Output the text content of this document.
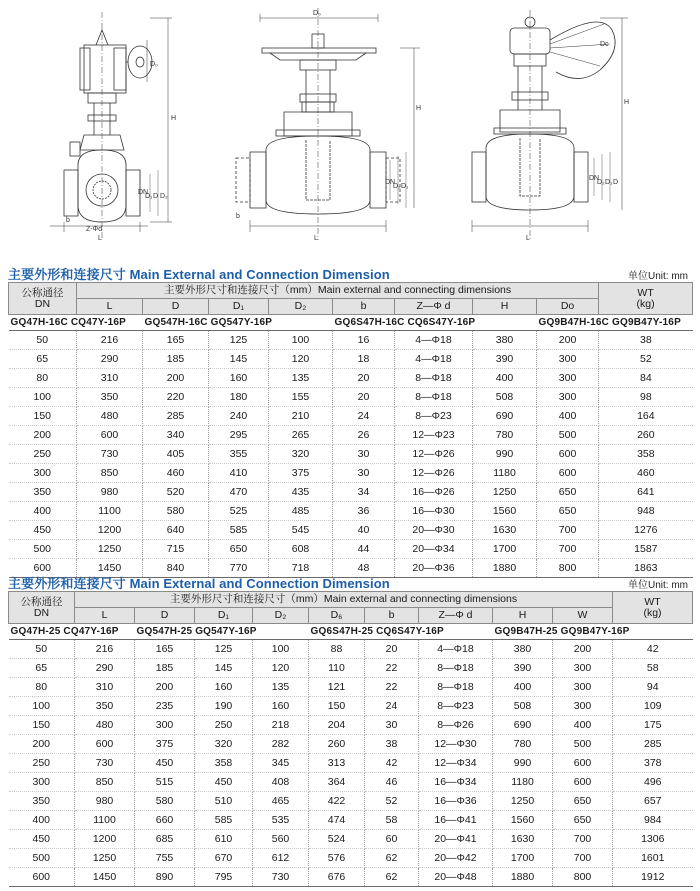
Z-Φd
L
H
D₀
DN
D₁ D D₂
b
D₀
L
H
DN
D₂ D₁
b
Dc
L
H
DN
D₂ D₁ D
主要外形和连接尺寸 Main External and Connection Dimension	单位Unit: mm
公称通径
DN	主要外形尺寸和连接尺寸（mm）Main external and connecting dimensions								WT
(kg)
	L	D	D₁	D₂	b	Z—Φ d	H	Do	
GQ47H-16C CQ47Y-16P		GQ547H-16C GQ547Y-16P			GQ6S47H-16C CQ6S47Y-16P			GQ9B47H-16C GQ9B47Y-16P	
50	216	165	125	100	16	4—Φ18	380	200	38
65	290	185	145	120	18	4—Φ18	390	300	52
80	310	200	160	135	20	8—Φ18	400	300	84
100	350	220	180	155	20	8—Φ18	508	300	98
150	480	285	240	210	24	8—Φ23	690	400	164
200	600	340	295	265	26	12—Φ23	780	500	260
250	730	405	355	320	30	12—Φ26	990	600	358
300	850	460	410	375	30	12—Φ26	1180	600	460
350	980	520	470	435	34	16—Φ26	1250	650	641
400	1100	580	525	485	36	16—Φ30	1560	650	948
450	1200	640	585	545	40	20—Φ30	1630	700	1276
500	1250	715	650	608	44	20—Φ34	1700	700	1587
600	1450	840	770	718	48	20—Φ36	1880	800	1863
主要外形和连接尺寸 Main External and Connection Dimension	单位Unit: mm
公称通径
DN	主要外形尺寸和连接尺寸（mm）Main external and connecting dimensions									WT
(kg)
	L	D	D₁	D₂	D₆	b	Z—Φ d	H	W	
GQ47H-25 CQ47Y-16P		GQ547H-25 GQ547Y-16P			GQ6S47H-25 CQ6S47Y-16P			GQ9B47H-25 GQ9B47Y-16P		
50	216	165	125	100	88	20	4—Φ18	380	200	42
65	290	185	145	120	110	22	8—Φ18	390	300	58
80	310	200	160	135	121	22	8—Φ18	400	300	94
100	350	235	190	160	150	24	8—Φ23	508	300	109
150	480	300	250	218	204	30	8—Φ26	690	400	175
200	600	375	320	282	260	38	12—Φ30	780	500	285
250	730	450	358	345	313	42	12—Φ34	990	600	378
300	850	515	450	408	364	46	16—Φ34	1180	600	496
350	980	580	510	465	422	52	16—Φ36	1250	650	657
400	1100	660	585	535	474	58	16—Φ41	1560	650	984
450	1200	685	610	560	524	60	20—Φ41	1630	700	1306
500	1250	755	670	612	576	62	20—Φ42	1700	700	1601
600	1450	890	795	730	676	62	20—Φ48	1880	800	1912
